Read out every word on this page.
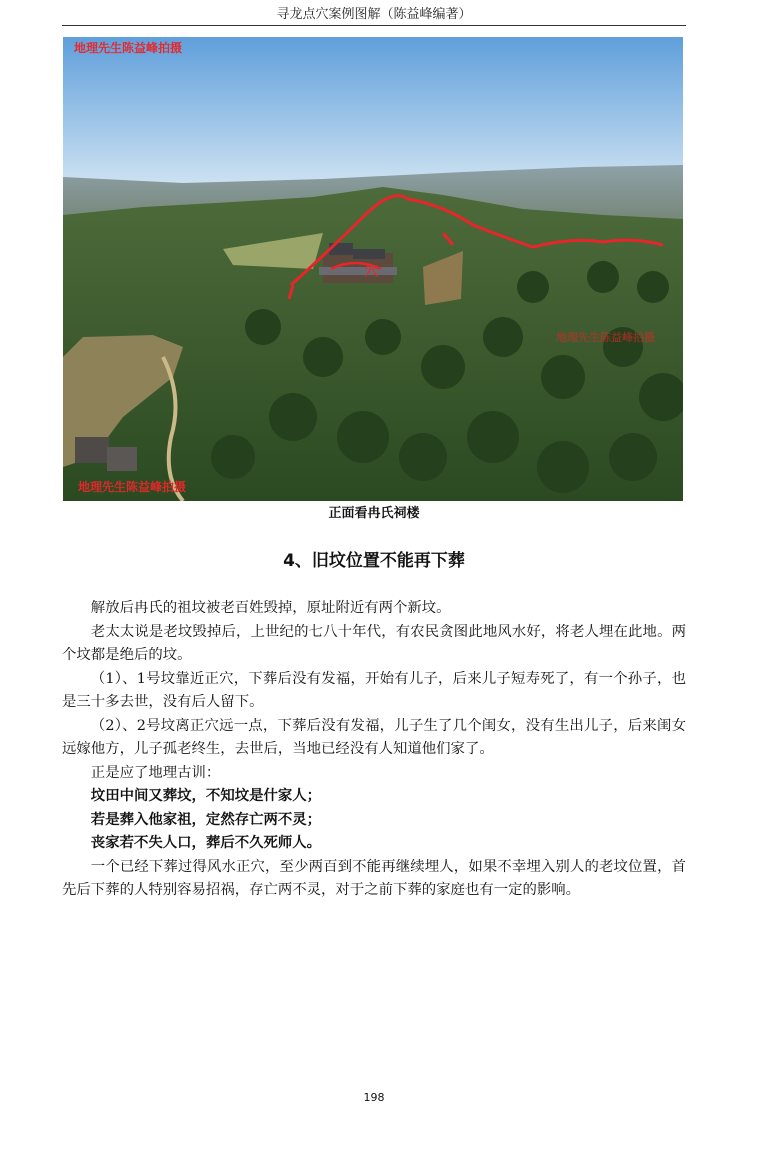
寻龙点穴案例图解（陈益峰编著）
穴
地理先生陈益峰拍摄
地理先生陈益峰拍摄
地理先生陈益峰拍摄
正面看冉氏祠楼
4、旧坟位置不能再下葬

解放后冉氏的祖坟被老百姓毁掉，原址附近有两个新坟。

老太太说是老坟毁掉后，上世纪的七八十年代，有农民贪图此地风水好，将老人埋在此地。两个坟都是绝后的坟。

（1）、1号坟靠近正穴，下葬后没有发福，开始有儿子，后来儿子短寿死了，有一个孙子，也是三十多去世，没有后人留下。

（2）、2号坟离正穴远一点，下葬后没有发福，儿子生了几个闺女，没有生出儿子，后来闺女远嫁他方，儿子孤老终生，去世后，当地已经没有人知道他们家了。

正是应了地理古训：

坟田中间又葬坟，不知坟是什家人；

若是葬入他家祖，定然存亡两不灵；

丧家若不失人口，葬后不久死师人。

一个已经下葬过得风水正穴，至少两百到不能再继续埋人，如果不幸埋入别人的老坟位置，首先后下葬的人特别容易招祸，存亡两不灵，对于之前下葬的家庭也有一定的影响。

198
